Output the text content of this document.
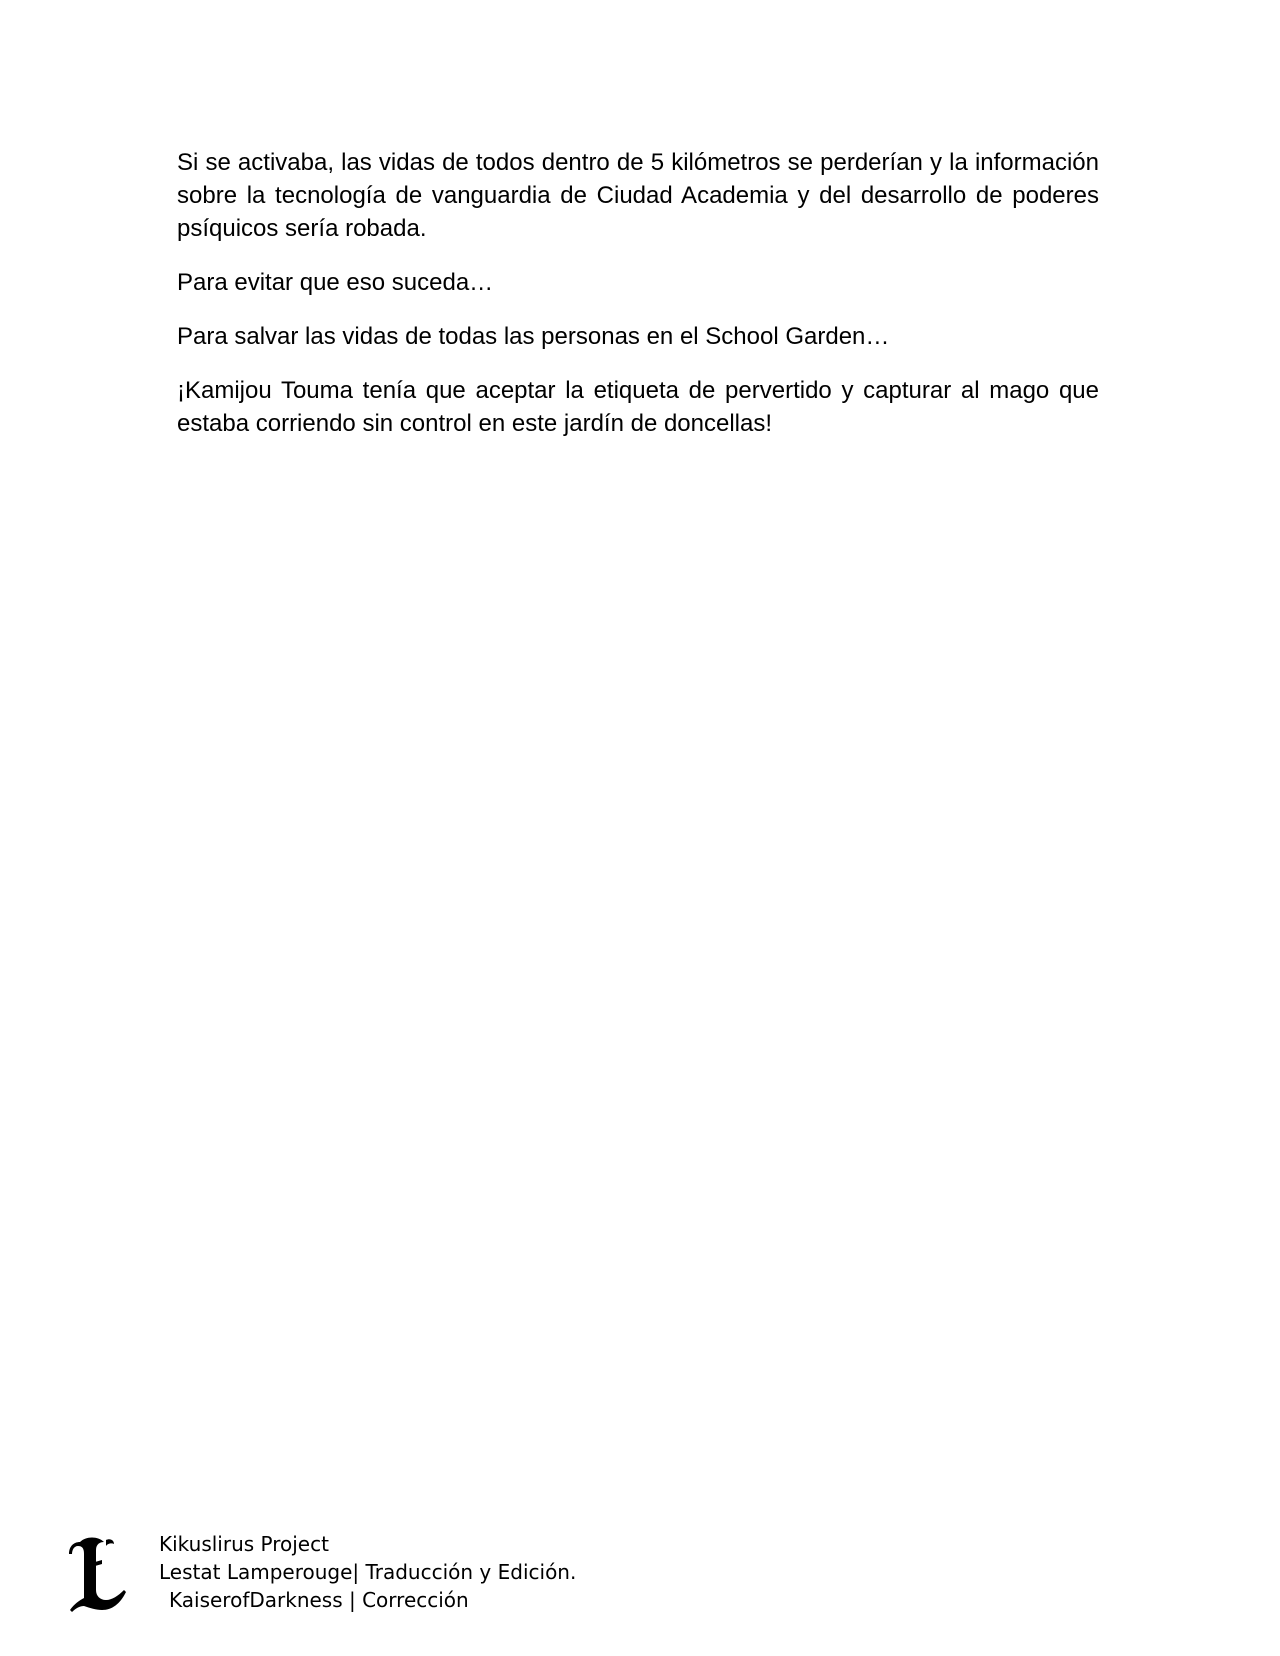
Si se activaba, las vidas de todos dentro de 5 kilómetros se perderían y la información sobre la tecnología de vanguardia de Ciudad Academia y del desarrollo de poderes psíquicos sería robada.

Para evitar que eso suceda…

Para salvar las vidas de todas las personas en el School Garden…

¡Kamijou Touma tenía que aceptar la etiqueta de pervertido y capturar al mago que estaba corriendo sin control en este jardín de doncellas!

Kikuslirus Project
Lestat Lamperouge| Traducción y Edición.
KaiserofDarkness | Corrección
